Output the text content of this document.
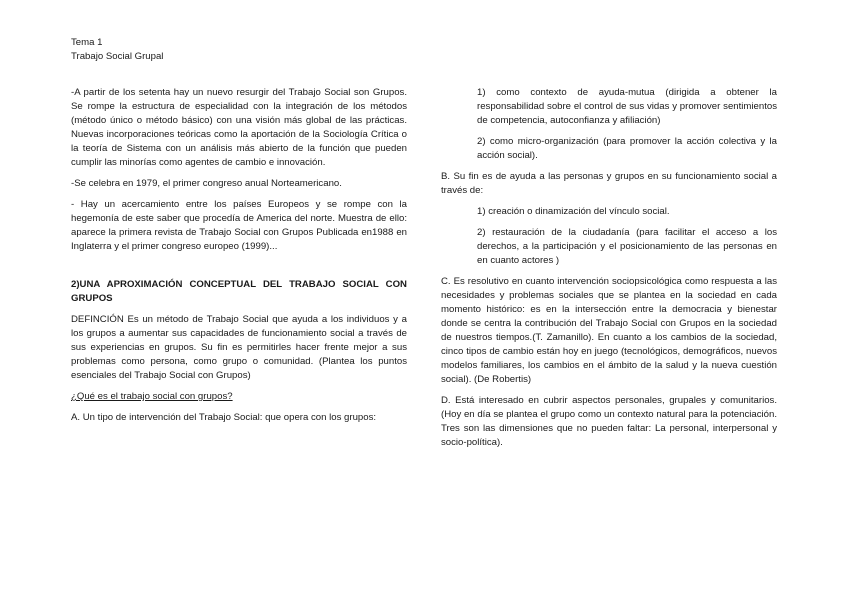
Tema 1
Trabajo Social Grupal

-A partir de los setenta hay un nuevo resurgir del Trabajo Social son Grupos. Se rompe la estructura de especialidad con la integración de los métodos (método único o método básico) con una visión más global de las prácticas. Nuevas incorporaciones teóricas como la aportación de la Sociología Crítica o la teoría de Sistema con un análisis más abierto de la función que pueden cumplir las minorías como agentes de cambio e innovación.

-Se celebra en 1979, el primer congreso anual Norteamericano.

- Hay un acercamiento entre los países Europeos y se rompe con la hegemonía de este saber que procedía de America del norte. Muestra de ello: aparece la primera revista de Trabajo Social con Grupos Publicada en1988 en Inglaterra y el primer congreso europeo (1999)...

2)UNA APROXIMACIÓN CONCEPTUAL DEL TRABAJO SOCIAL CON GRUPOS

DEFINCIÓN Es un método de Trabajo Social que ayuda a los individuos y a los grupos a aumentar sus capacidades de funcionamiento social a través de sus experiencias en grupos. Su fin es permitirles hacer frente mejor a sus problemas como persona, como grupo o comunidad. (Plantea los puntos esenciales del Trabajo Social con Grupos)

¿Qué es el trabajo social con grupos?

A. Un tipo de intervención del Trabajo Social: que opera con los grupos:

1) como contexto de ayuda-mutua (dirigida a obtener la responsabilidad sobre el control de sus vidas y promover sentimientos de competencia, autoconfianza y afiliación)

2) como micro-organización (para promover la acción colectiva y la acción social).

B. Su fin es de ayuda a las personas y grupos en su funcionamiento social a través de:

1) creación o dinamización del vínculo social.

2) restauración de la ciudadanía (para facilitar el acceso a los derechos, a la participación y el posicionamiento de las personas en en cuanto actores )

C. Es resolutivo en cuanto intervención sociopsicológica como respuesta a las necesidades y problemas sociales que se plantea en la sociedad en cada momento histórico: es en la intersección entre la democracia y bienestar donde se centra la contribución del Trabajo Social con Grupos en la sociedad de nuestros tiempos.(T. Zamanillo). En cuanto a los cambios de la sociedad, cinco tipos de cambio están hoy en juego (tecnológicos, demográficos, nuevos modelos familiares, los cambios en el ámbito de la salud y la nueva cuestión social). (De Robertis)

D. Está interesado en cubrir aspectos personales, grupales y comunitarios. (Hoy en día se plantea el grupo como un contexto natural para la potenciación. Tres son las dimensiones que no pueden faltar: La personal, interpersonal y socio-política).
